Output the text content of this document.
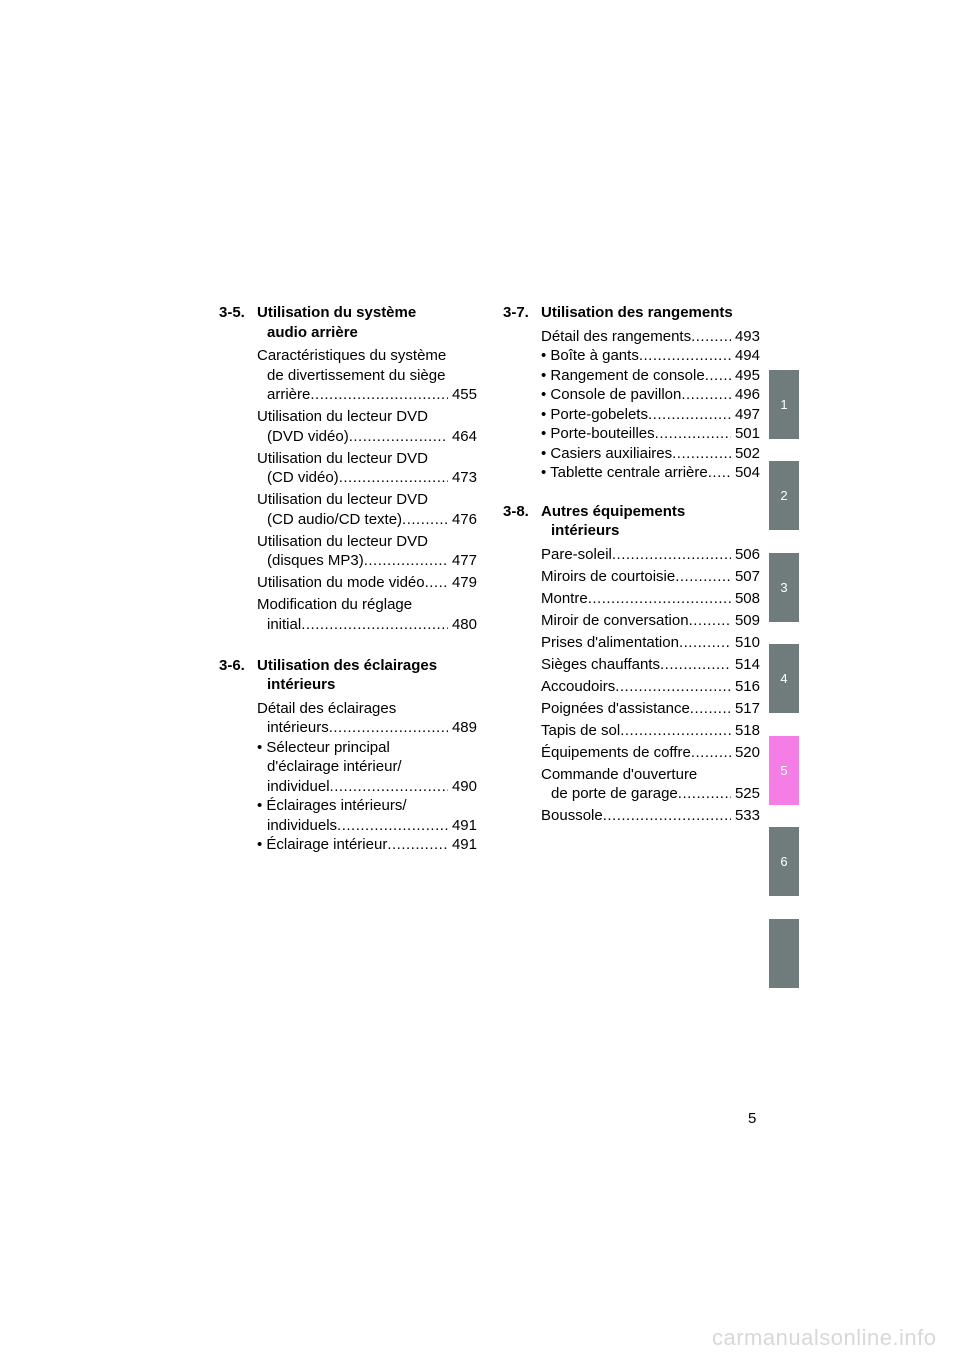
3-5. Utilisation du système
audio arrière
Caractéristiques du système
de divertissement du siège
arrière .....	455
Utilisation du lecteur DVD
(DVD vidéo) .....	464
Utilisation du lecteur DVD
(CD vidéo) .....	473
Utilisation du lecteur DVD
(CD audio/CD texte) .....	476
Utilisation du lecteur DVD
(disques MP3) .....	477
Utilisation du mode vidéo ..... 479
Modification du réglage
initial .....	480
3-6. Utilisation des éclairages
intérieurs
Détail des éclairages
intérieurs .....	489
• Sélecteur principal
d'éclairage intérieur/
individuel .....	490
• Éclairages intérieurs/
individuels .....	491
• Éclairage intérieur .....	491
3-7. Utilisation des rangements
Détail des rangements .....	493
• Boîte à gants .....	494
• Rangement de console ..... 495
• Console de pavillon .....	496
• Porte-gobelets .....	497
• Porte-bouteilles .....	501
• Casiers auxiliaires .....	502
• Tablette centrale arrière ..... 504
3-8. Autres équipements
intérieurs
Pare-soleil .....	506
Miroirs de courtoisie .....	507
Montre .....	508
Miroir de conversation .....	509
Prises d'alimentation .....	510
Sièges chauffants .....	514
Accoudoirs .....	516
Poignées d'assistance .....	517
Tapis de sol .....	518
Équipements de coffre .....	520
Commande d'ouverture
de porte de garage .....	525
Boussole .....	533
1
2
3
4
5
6
5
carmanualsonline.info
